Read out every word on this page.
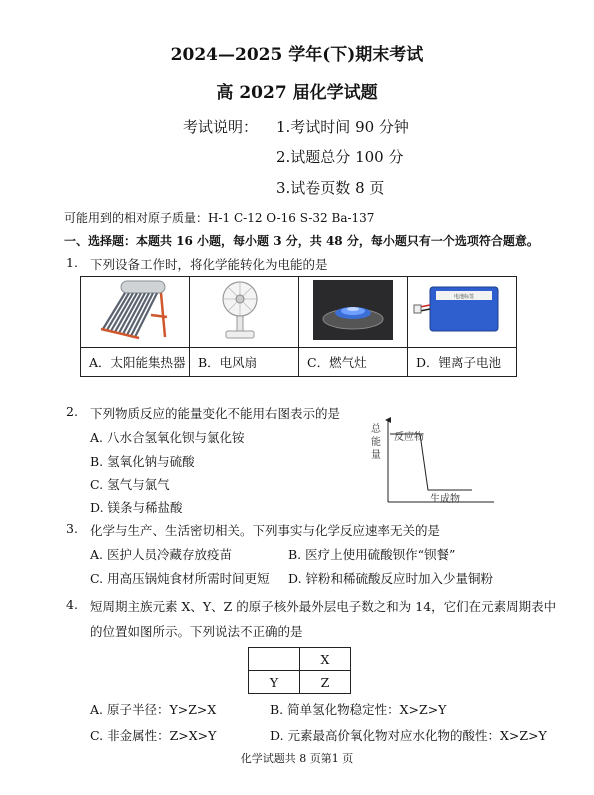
2024—2025 学年(下)期末考试
高 2027 届化学试题
考试说明： 1.考试时间 90 分钟
2.试题总分 100 分
3.试卷页数 8 页
可能用到的相对原子质量：H-1 C-12 O-16 S-32 Ba-137
一、选择题：本题共 16 小题，每小题 3 分，共 48 分，每小题只有一个选项符合题意。
1. 下列设备工作时，将化学能转化为电能的是

电池标签

A．太阳能集热器	B．电风扇	C．燃气灶	D．锂离子电池
2. 下列物质反应的能量变化不能用右图表示的是
A. 八水合氢氧化钡与氯化铵
B. 氢氧化钠与硫酸
C. 氢气与氯气
D. 镁条与稀盐酸
总能量
反应物
生成物
3. 化学与生产、生活密切相关。下列事实与化学反应速率无关的是
A. 医护人员冷藏存放疫苗	B. 医疗上使用硫酸钡作“钡餐”
C. 用高压锅炖食材所需时间更短 D. 锌粉和稀硫酸反应时加入少量铜粉
4. 短周期主族元素 X、Y、Z 的原子核外最外层电子数之和为 14，它们在元素周期表中
的位置如图所示。下列说法不正确的是
	X
Y	Z
A. 原子半径：Y>Z>X	B. 简单氢化物稳定性：X>Z>Y
C. 非金属性：Z>X>Y	D. 元素最高价氧化物对应水化物的酸性：X>Z>Y
化学试题共 8 页第1 页
